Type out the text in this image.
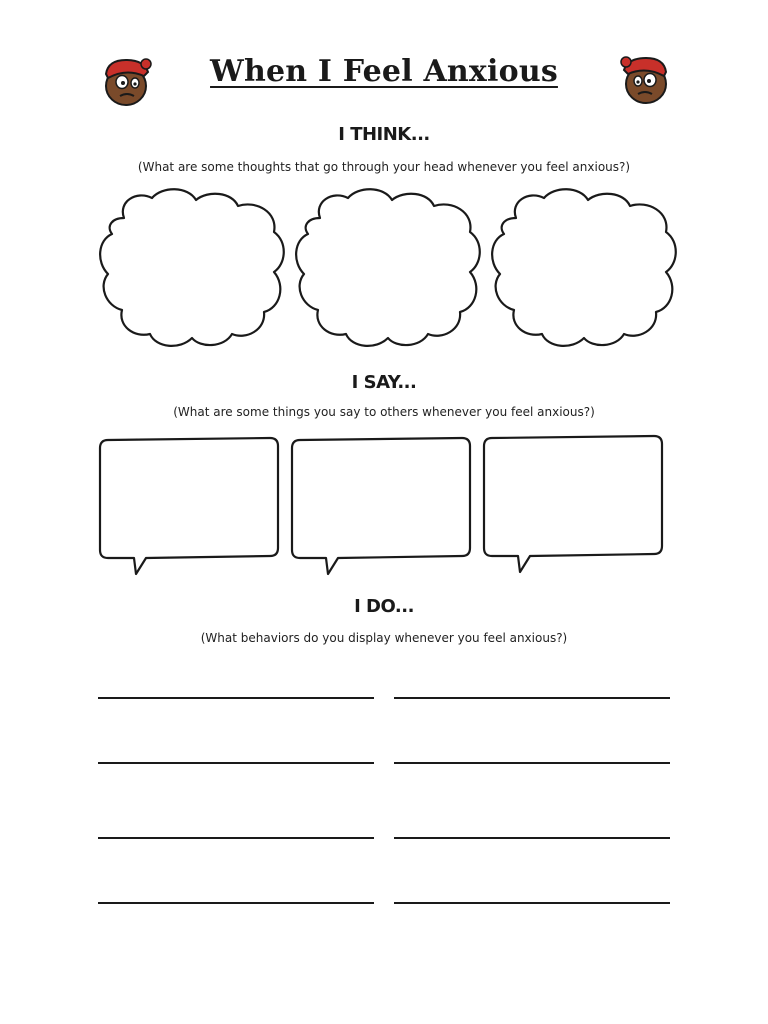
When I Feel Anxious
I THINK...
(What are some thoughts that go through your head whenever you feel anxious?)
I SAY...
(What are some things you say to others whenever you feel anxious?)
I DO...
(What behaviors do you display whenever you feel anxious?)
